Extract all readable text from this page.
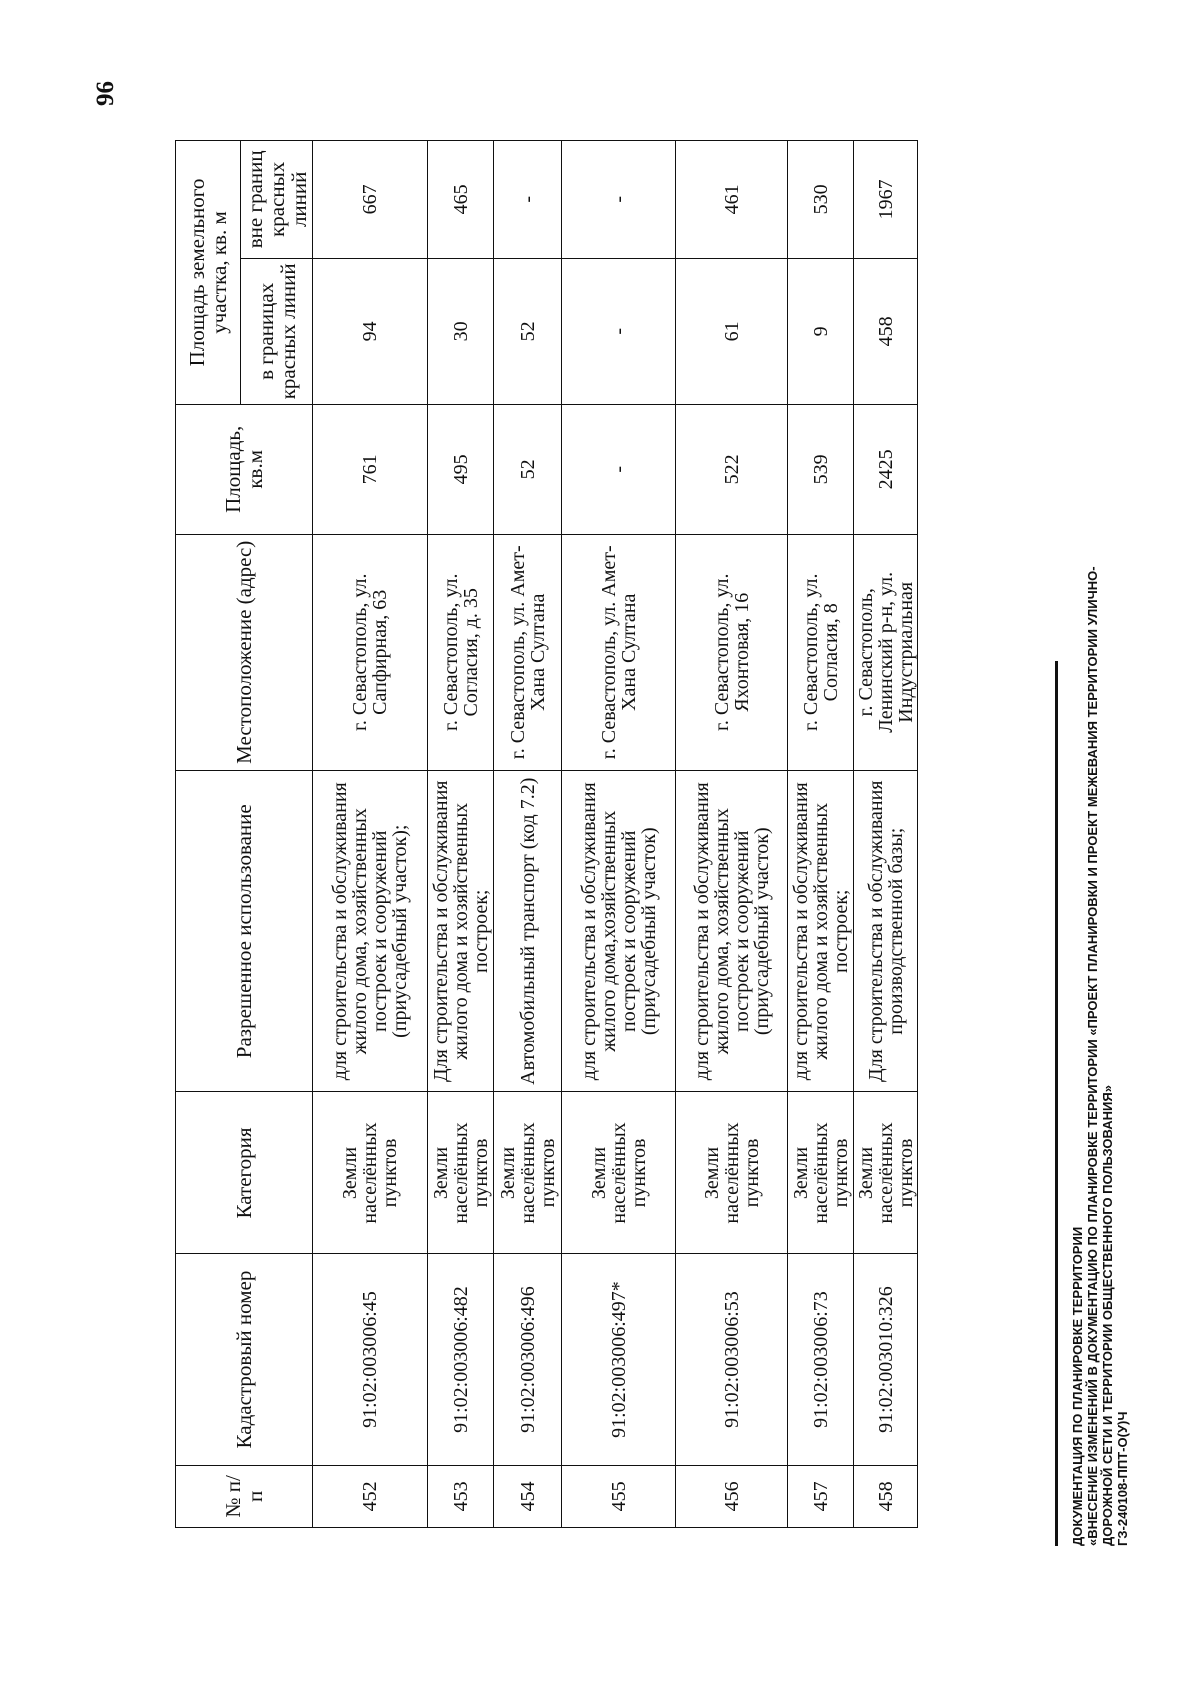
96
ДОКУМЕНТАЦИЯ ПО ПЛАНИРОВКЕ ТЕРРИТОРИИ «ВНЕСЕНИЕ ИЗМЕНЕНИЙ В ДОКУМЕНТАЦИЮ ПО ПЛАНИРОВКЕ ТЕРРИТОРИИ «ПРОЕКТ ПЛАНИРОВКИ И ПРОЕКТ МЕЖЕВАНИЯ ТЕРРИТОРИИ УЛИЧНО- ДОРОЖНОЙ СЕТИ И ТЕРРИТОРИИ ОБЩЕСТВЕННОГО ПОЛЬЗОВАНИЯ» ГЗ-240108-ППТ-О(У)Ч
№ п/п	Кадастровый номер	Категория	Разрешенное использование	Местоположение (адрес)	Площадь, кв.м	Площадь земельного участка, кв. м	
						в границах красных линий	вне границ красных линий
452	91:02:003006:45	Земли населённых пунктов	для строительства и обслуживания жилого дома, хозяйственных построек и сооружений (приусадебный участок);	г. Севастополь, ул. Сапфирная, 63	761	94	667
453	91:02:003006:482	Земли населённых пунктов	Для строительства и обслуживания жилого дома и хозяйственных построек;	г. Севастополь, ул. Согласия, д. 35	495	30	465
454	91:02:003006:496	Земли населённых пунктов	Автомобильный транспорт (код 7.2)	г. Севастополь, ул. Амет-Хана Султана	52	52	-
455	91:02:003006:497*	Земли населённых пунктов	для строительства и обслуживания жилого дома,хозяйственных построек и сооружений (приусадебный участок)	г. Севастополь, ул. Амет-Хана Султана	-	-	-
456	91:02:003006:53	Земли населённых пунктов	для строительства и обслуживания жилого дома, хозяйственных построек и сооружений (приусадебный участок)	г. Севастополь, ул. Яхонтовая, 16	522	61	461
457	91:02:003006:73	Земли населённых пунктов	для строительства и обслуживания жилого дома и хозяйственных построек;	г. Севастополь, ул. Согласия, 8	539	9	530
458	91:02:003010:326	Земли населённых пунктов	Для строительства и обслуживания производственной базы;	г. Севастополь, Ленинский р-н, ул. Индустриальная	2425	458	1967
